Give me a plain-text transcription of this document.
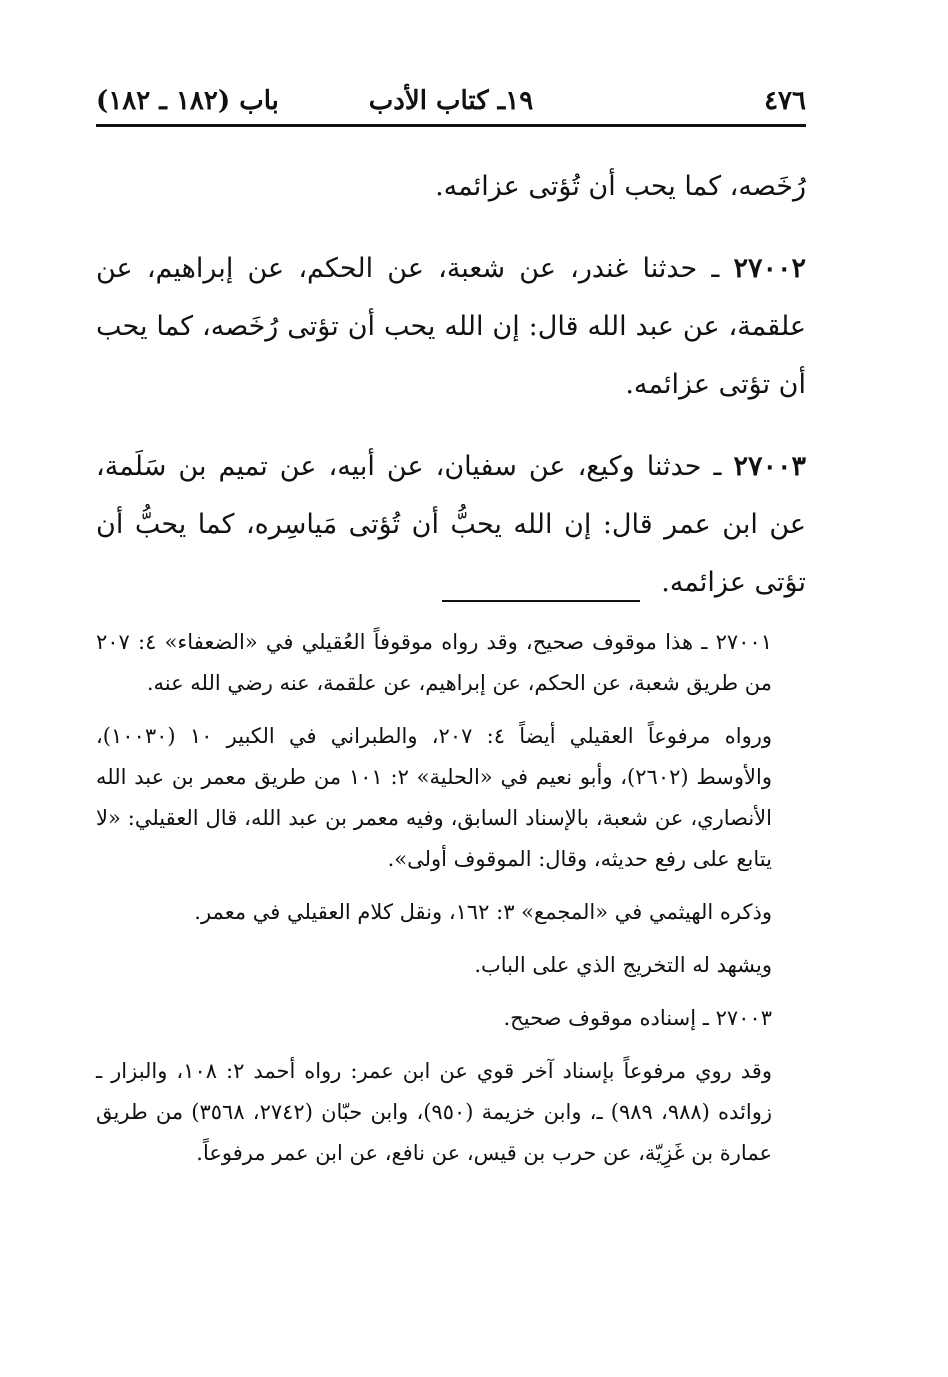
٤٧٦
١٩ـ كتاب الأدب
باب (١٨٢ ـ ١٨٢)

رُخَصه، كما يحب أن تُؤتى عزائمه.

٢٧٠٠٢ ـ حدثنا غندر، عن شعبة، عن الحكم، عن إبراهيم، عن علقمة، عن عبد الله قال: إن الله يحب أن تؤتى رُخَصه، كما يحب أن تؤتى عزائمه.

٢٧٠٠٣ ـ حدثنا وكيع، عن سفيان، عن أبيه، عن تميم بن سَلَمة، عن ابن عمر قال: إن الله يحبُّ أن تُؤتى مَياسِره، كما يحبُّ أن تؤتى عزائمه.

٢٧٠٠١ ـ هذا موقوف صحيح، وقد رواه موقوفاً العُقيلي في «الضعفاء» ٤: ٢٠٧ من طريق شعبة، عن الحكم، عن إبراهيم، عن علقمة، عنه رضي الله عنه.

ورواه مرفوعاً العقيلي أيضاً ٤: ٢٠٧، والطبراني في الكبير ١٠ (١٠٠٣٠)، والأوسط (٢٦٠٢)، وأبو نعيم في «الحلية» ٢: ١٠١ من طريق معمر بن عبد الله الأنصاري، عن شعبة، بالإسناد السابق، وفيه معمر بن عبد الله، قال العقيلي: «لا يتابع على رفع حديثه، وقال: الموقوف أولى».

وذكره الهيثمي في «المجمع» ٣: ١٦٢، ونقل كلام العقيلي في معمر.

ويشهد له التخريج الذي على الباب.

٢٧٠٠٣ ـ إسناده موقوف صحيح.

وقد روي مرفوعاً بإسناد آخر قوي عن ابن عمر: رواه أحمد ٢: ١٠٨، والبزار ـ زوائده (٩٨٨، ٩٨٩) ـ، وابن خزيمة (٩٥٠)، وابن حبّان (٢٧٤٢، ٣٥٦٨) من طريق عمارة بن غَزِيّة، عن حرب بن قيس، عن نافع، عن ابن عمر مرفوعاً.
